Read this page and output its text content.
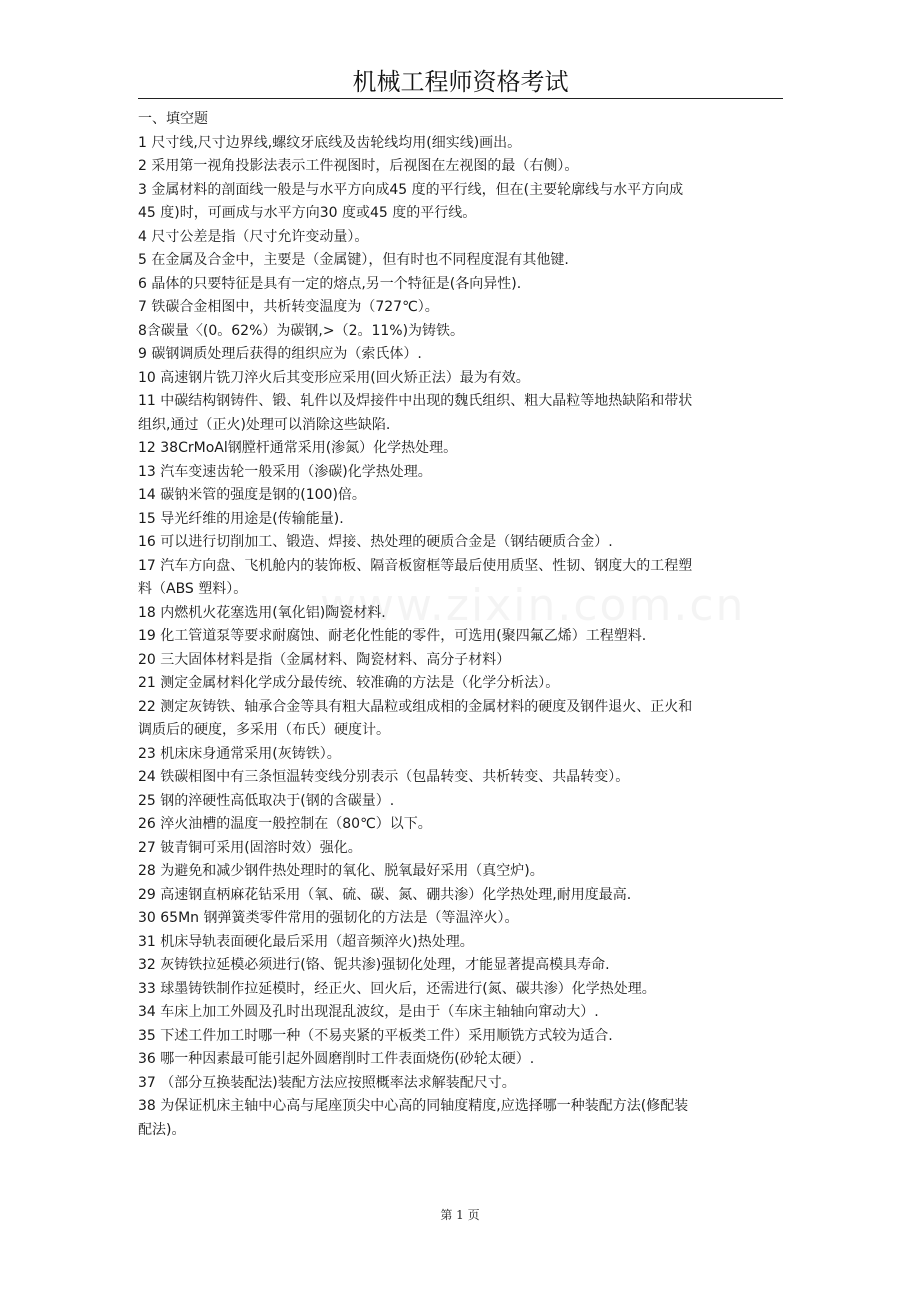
机械工程师资格考试
www.zixin.com.cn
一、填空题
1 尺寸线,尺寸边界线,螺纹牙底线及齿轮线均用(细实线)画出。
2 采用第一视角投影法表示工件视图时，后视图在左视图的最（右侧）。
3 金属材料的剖面线一般是与水平方向成45 度的平行线，但在(主要轮廓线与水平方向成
45 度)时，可画成与水平方向30 度或45 度的平行线。
4 尺寸公差是指（尺寸允许变动量）。
5 在金属及合金中，主要是（金属键），但有时也不同程度混有其他键.
6 晶体的只要特征是具有一定的熔点,另一个特征是(各向异性).
7 铁碳合金相图中，共析转变温度为（727℃）。
8含碳量〈(0。62%）为碳钢,>（2。11%)为铸铁。
9 碳钢调质处理后获得的组织应为（索氏体）.
10 高速钢片铣刀淬火后其变形应采用(回火矫正法）最为有效。
11 中碳结构钢铸件、锻、轧件以及焊接件中出现的魏氏组织、粗大晶粒等地热缺陷和带状
组织,通过（正火)处理可以消除这些缺陷.
12 38CrMoAl钢膛杆通常采用(渗氮）化学热处理。
13 汽车变速齿轮一般采用（渗碳)化学热处理。
14 碳钠米管的强度是钢的(100)倍。
15 导光纤维的用途是(传输能量).
16 可以进行切削加工、锻造、焊接、热处理的硬质合金是（钢结硬质合金）.
17 汽车方向盘、飞机舱内的装饰板、隔音板窗框等最后使用质坚、性韧、钢度大的工程塑
料（ABS 塑料）。
18 内燃机火花塞选用(氧化铝)陶瓷材料.
19 化工管道泵等要求耐腐蚀、耐老化性能的零件，可选用(聚四氟乙烯）工程塑料.
20 三大固体材料是指（金属材料、陶瓷材料、高分子材料）
21 测定金属材料化学成分最传统、较准确的方法是（化学分析法）。
22 测定灰铸铁、轴承合金等具有粗大晶粒或组成相的金属材料的硬度及钢件退火、正火和
调质后的硬度，多采用（布氏）硬度计。
23 机床床身通常采用(灰铸铁）。
24 铁碳相图中有三条恒温转变线分别表示（包晶转变、共析转变、共晶转变）。
25 钢的淬硬性高低取决于(钢的含碳量）.
26 淬火油槽的温度一般控制在（80℃）以下。
27 铍青铜可采用(固溶时效）强化。
28 为避免和减少钢件热处理时的氧化、脱氧最好采用（真空炉)。
29 高速钢直柄麻花钻采用（氧、硫、碳、氮、硼共渗）化学热处理,耐用度最高.
30 65Mn 钢弹簧类零件常用的强韧化的方法是（等温淬火）。
31 机床导轨表面硬化最后采用（超音频淬火)热处理。
32 灰铸铁拉延模必须进行(铬、铌共渗)强韧化处理，才能显著提高模具寿命.
33 球墨铸铁制作拉延模时，经正火、回火后，还需进行(氮、碳共渗）化学热处理。
34 车床上加工外圆及孔时出现混乱波纹，是由于（车床主轴轴向窜动大）.
35 下述工件加工时哪一种（不易夹紧的平板类工件）采用顺铣方式较为适合.
36 哪一种因素最可能引起外圆磨削时工件表面烧伤(砂轮太硬）.
37 （部分互换装配法)装配方法应按照概率法求解装配尺寸。
38 为保证机床主轴中心高与尾座顶尖中心高的同轴度精度,应选择哪一种装配方法(修配装
配法)。
第 1 页
